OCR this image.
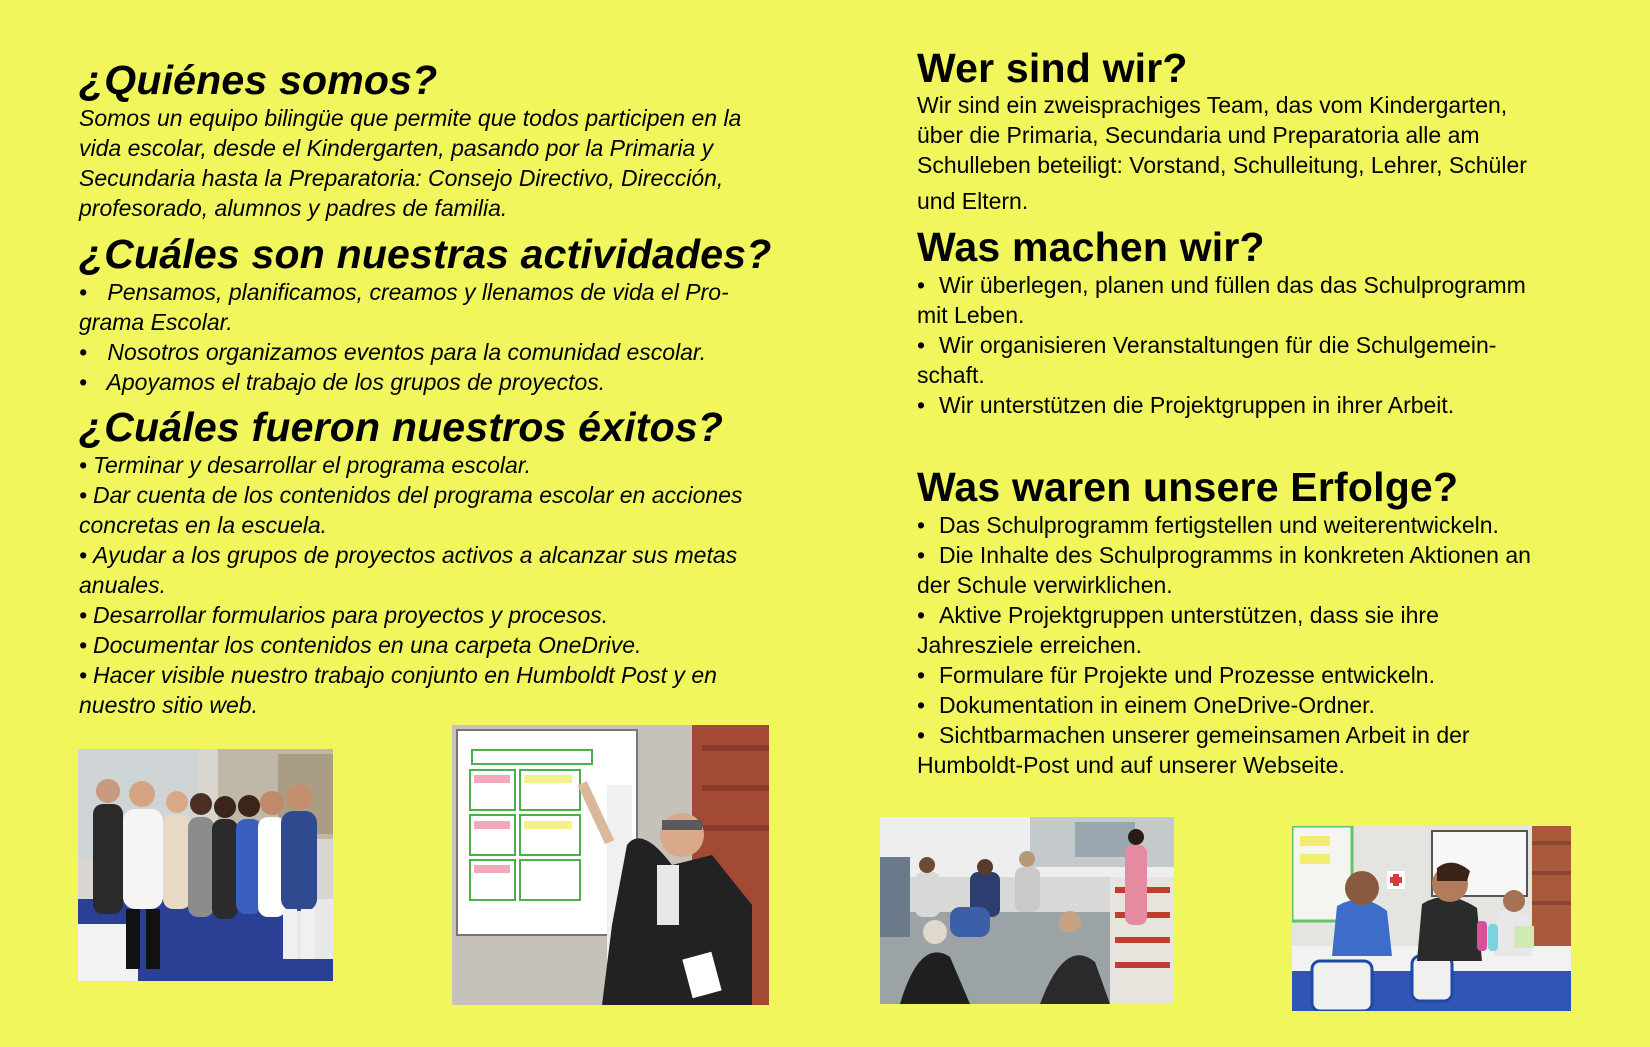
¿Quiénes somos?

Somos un equipo bilingüe que permite que todos participen en la

vida escolar, desde el Kindergarten, pasando por la Primaria y

Secundaria hasta la Preparatoria: Consejo Directivo, Dirección,

profesorado, alumnos y padres de familia.

¿Cuáles son nuestras actividades?
• Pensamos, planificamos, creamos y llenamos de vida el Pro-

grama Escolar.

• Nosotros organizamos eventos para la comunidad escolar.
• Apoyamos el trabajo de los grupos de proyectos.
¿Cuáles fueron nuestros éxitos?
• Terminar y desarrollar el programa escolar.
• Dar cuenta de los contenidos del programa escolar en acciones

concretas en la escuela.

• Ayudar a los grupos de proyectos activos a alcanzar sus metas

anuales.

• Desarrollar formularios para proyectos y procesos.
• Documentar los contenidos en una carpeta OneDrive.
• Hacer visible nuestro trabajo conjunto en Humboldt Post y en

nuestro sitio web.

Wer sind wir?

Wir sind ein zweisprachiges Team, das vom Kindergarten,

über die Primaria, Secundaria und Preparatoria alle am

Schulleben beteiligt: Vorstand, Schulleitung, Lehrer, Schüler

und Eltern.

Was machen wir?
• Wir überlegen, planen und füllen das das Schulprogramm

mit Leben.

• Wir organisieren Veranstaltungen für die Schulgemein-

schaft.

• Wir unterstützen die Projektgruppen in ihrer Arbeit.
Was waren unsere Erfolge?
• Das Schulprogramm fertigstellen und weiterentwickeln.
• Die Inhalte des Schulprogramms in konkreten Aktionen an

der Schule verwirklichen.

• Aktive Projektgruppen unterstützen, dass sie ihre

Jahresziele erreichen.

• Formulare für Projekte und Prozesse entwickeln.
• Dokumentation in einem OneDrive-Ordner.
• Sichtbarmachen unserer gemeinsamen Arbeit in der

Humboldt-Post und auf unserer Webseite.
